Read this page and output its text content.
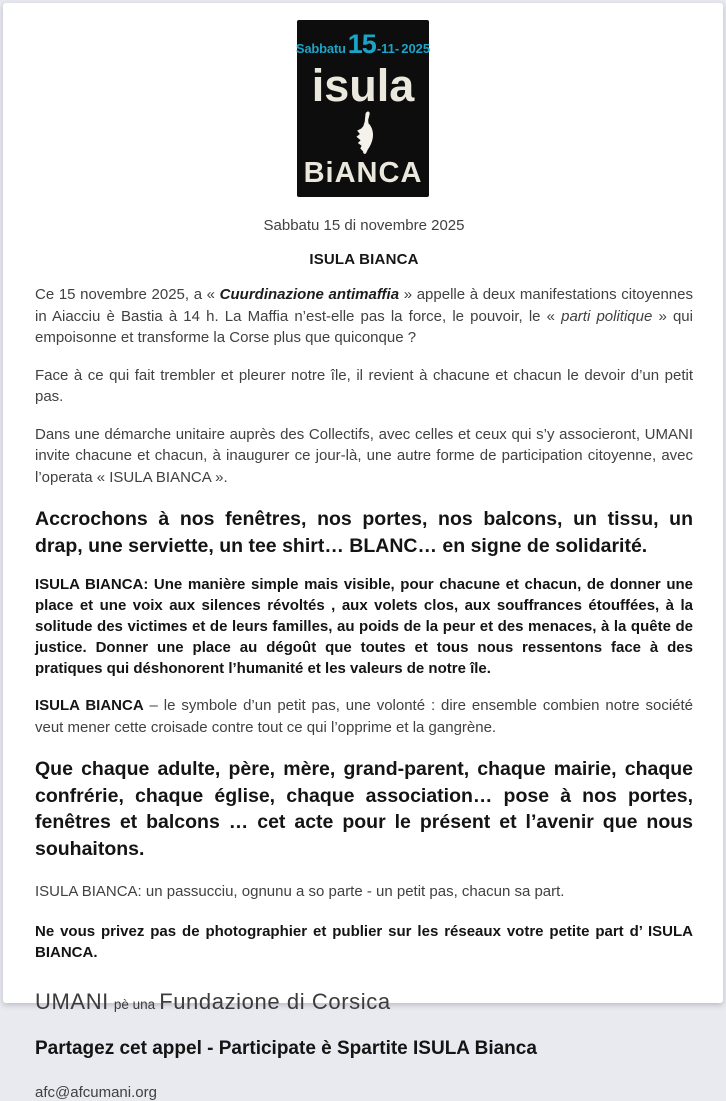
Sabbatu 15 -11- 2025
isula
BiANCA
Sabbatu 15 di novembre 2025
ISULA BIANCA

Ce 15 novembre 2025, a « Cuurdinazione antimaffia » appelle à deux manifestations citoyennes in Aiacciu è Bastia à 14 h. La Maffia n’est-elle pas la force, le pouvoir, le « parti politique » qui empoisonne et transforme la Corse plus que quiconque ?

Face à ce qui fait trembler et pleurer notre île, il revient à chacune et chacun le devoir d’un petit pas.

Dans une démarche unitaire auprès des Collectifs, avec celles et ceux qui s’y associeront, UMANI invite chacune et chacun, à inaugurer ce jour-là, une autre forme de participation citoyenne, avec l’operata « ISULA BIANCA ».

Accrochons à nos fenêtres, nos portes, nos balcons, un tissu, un drap, une serviette, un tee shirt… BLANC… en signe de solidarité.

ISULA BIANCA: Une manière simple mais visible, pour chacune et chacun, de donner une place et une voix aux silences révoltés , aux volets clos, aux souffrances étouffées, à la solitude des victimes et de leurs familles, au poids de la peur et des menaces, à la quête de justice. Donner une place au dégoût que toutes et tous nous ressentons face à des pratiques qui déshonorent l’humanité et les valeurs de notre île.

ISULA BIANCA – le symbole d’un petit pas, une volonté : dire ensemble combien notre société veut mener cette croisade contre tout ce qui l’opprime et la gangrène.

Que chaque adulte, père, mère, grand-parent, chaque mairie, chaque confrérie, chaque église, chaque association… pose à nos portes, fenêtres et balcons … cet acte pour le présent et l’avenir que nous souhaitons.

ISULA BIANCA: un passucciu, ognunu a so parte - un petit pas, chacun sa part.

Ne vous privez pas de photographier et publier sur les réseaux votre petite part d’ ISULA BIANCA.

UMANI pè una Fundazione di Corsica
Partagez cet appel - Participate è Spartite ISULA Bianca
afc@afcumani.org
